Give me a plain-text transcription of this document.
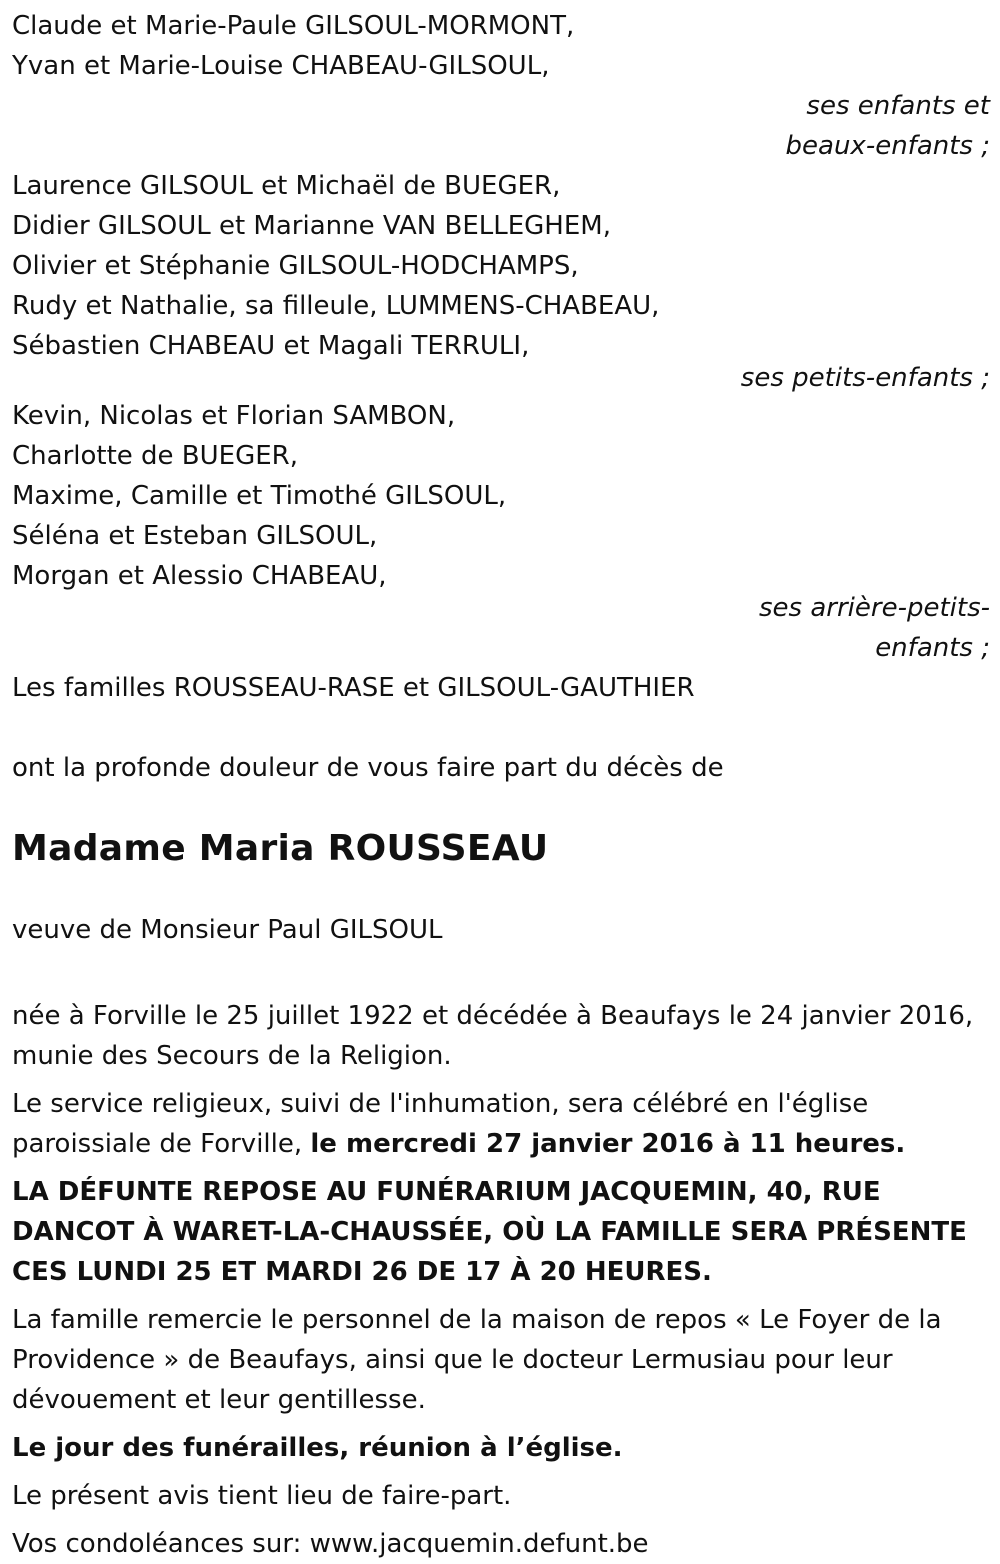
Claude et Marie-Paule GILSOUL-MORMONT,
Yvan et Marie-Louise CHABEAU-GILSOUL,
ses enfants et
beaux-enfants ;
Laurence GILSOUL et Michaël de BUEGER,
Didier GILSOUL et Marianne VAN BELLEGHEM,
Olivier et Stéphanie GILSOUL-HODCHAMPS,
Rudy et Nathalie, sa filleule, LUMMENS-CHABEAU,
Sébastien CHABEAU et Magali TERRULI,
ses petits-enfants ;
Kevin, Nicolas et Florian SAMBON,
Charlotte de BUEGER,
Maxime, Camille et Timothé GILSOUL,
Séléna et Esteban GILSOUL,
Morgan et Alessio CHABEAU,
ses arrière-petits-
enfants ;
Les familles ROUSSEAU-RASE et GILSOUL-GAUTHIER
ont la profonde douleur de vous faire part du décès de
Madame Maria ROUSSEAU
veuve de Monsieur Paul GILSOUL
née à Forville le 25 juillet 1922 et décédée à Beaufays le 24 janvier 2016, munie des Secours de la Religion.
Le service religieux, suivi de l'inhumation, sera célébré en l'église paroissiale de Forville, le mercredi 27 janvier 2016 à 11 heures.
LA DÉFUNTE REPOSE AU FUNÉRARIUM JACQUEMIN, 40, RUE DANCOT À WARET-LA-CHAUSSÉE, OÙ LA FAMILLE SERA PRÉSENTE CES LUNDI 25 ET MARDI 26 DE 17 À 20 HEURES.
La famille remercie le personnel de la maison de repos « Le Foyer de la Providence » de Beaufays, ainsi que le docteur Lermusiau pour leur dévouement et leur gentillesse.
Le jour des funérailles, réunion à l’église.
Le présent avis tient lieu de faire-part.
Vos condoléances sur: www.jacquemin.defunt.be
